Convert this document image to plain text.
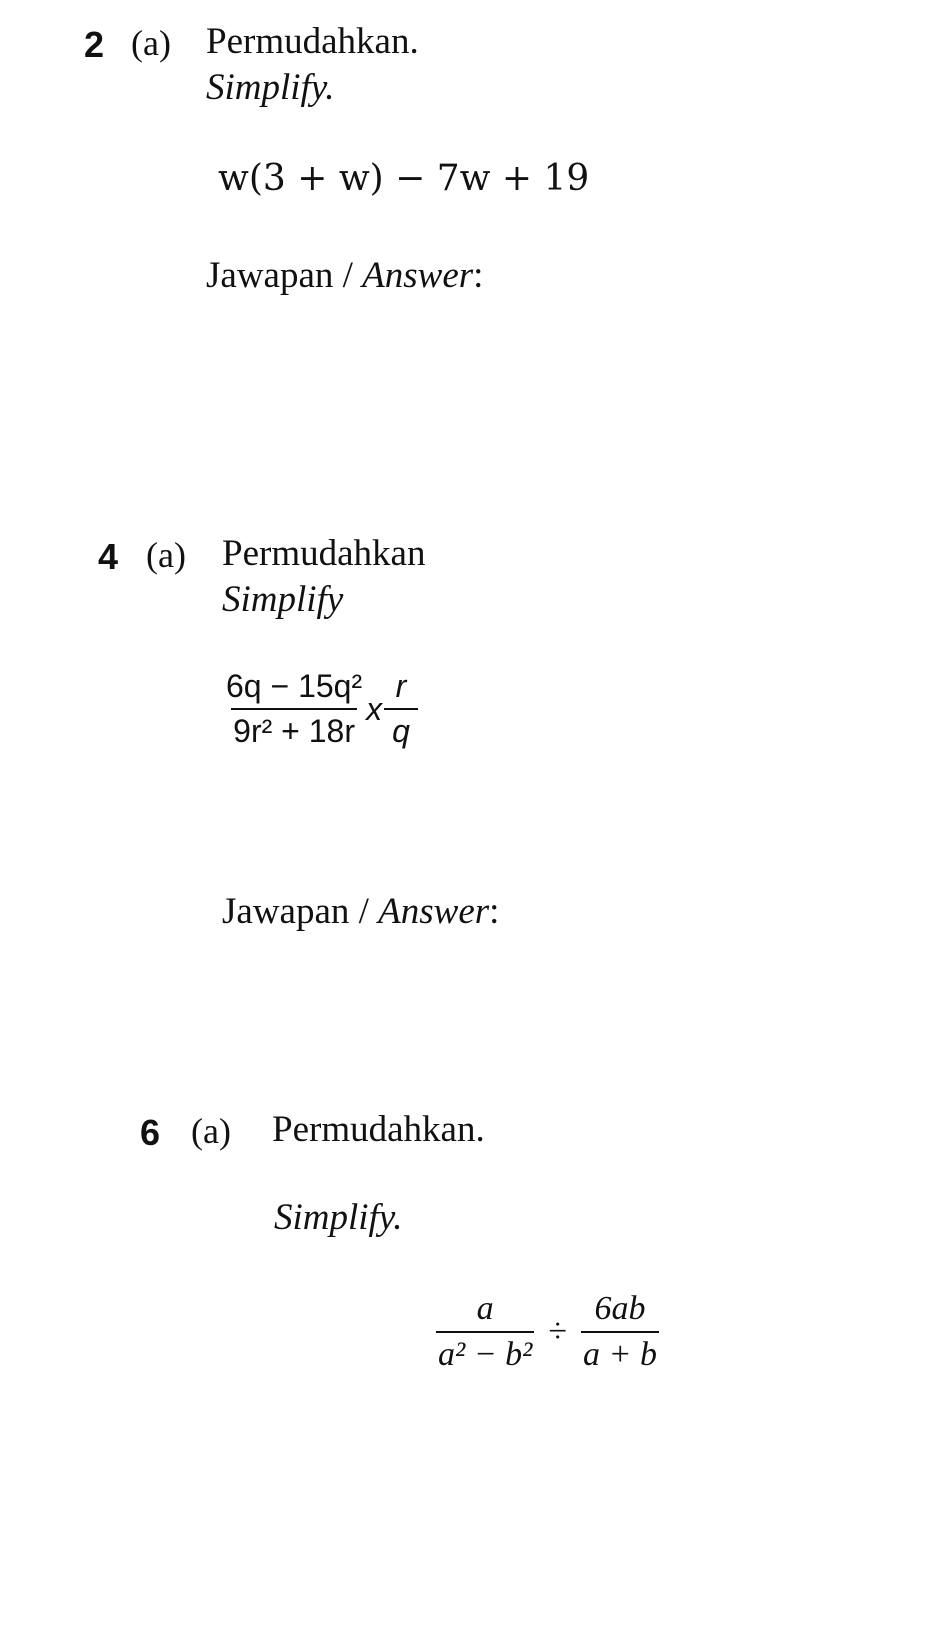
2 (a) Permudahkan.
Simplify.
w(3 + w) − 7w + 19
Jawapan / Answer:
4 (a) Permudahkan
Simplify
$\frac{\text{6q − 15q²}}{\text{9r² + 18r}}$ x $\frac{r}{q}$
Jawapan / Answer:
6 (a) Permudahkan.
Simplify.
$\frac{a}{\text{a² − b²}} \div \frac{6ab}{a + b}$
